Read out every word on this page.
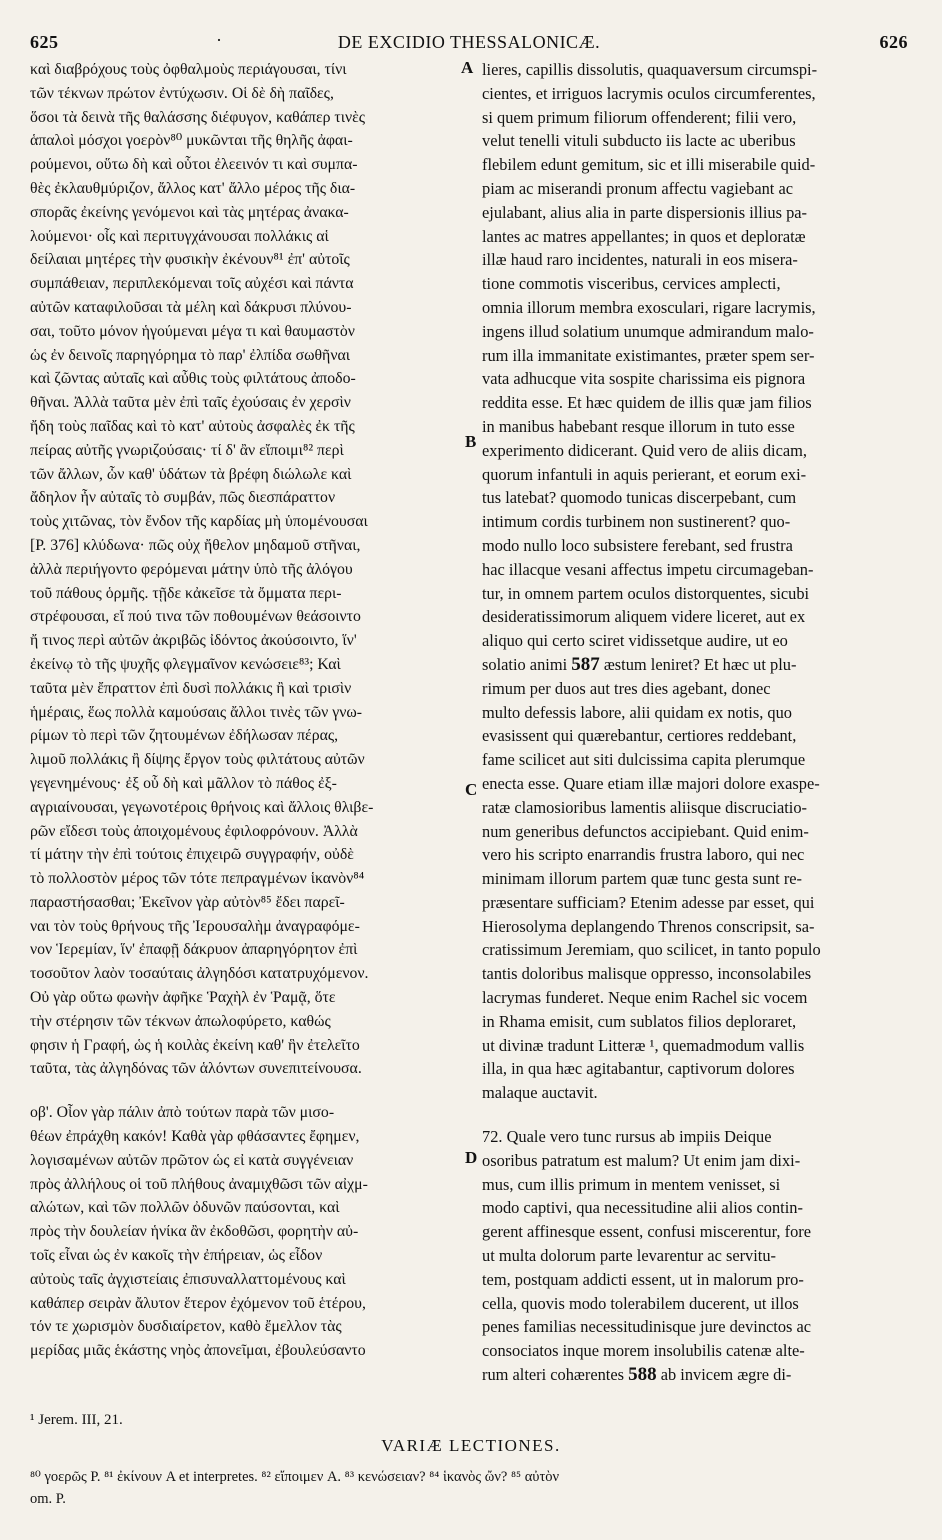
625	·	DE EXCIDIO THESSALONICÆ.	626
καὶ διαβρόχους τοὺς ὀφθαλμοὺς περιάγουσαι, τίνι
τῶν τέκνων πρώτον ἐντύχωσιν. Οἱ δὲ δὴ παῖδες,
ὅσοι τὰ δεινὰ τῆς θαλάσσης διέφυγον, καθάπερ τινὲς
ἁπαλοὶ μόσχοι γοερὸν⁸⁰ μυκῶνται τῆς θηλῆς ἀφαι-
ρούμενοι, οὕτω δὴ καὶ οὗτοι ἐλεεινόν τι καὶ συμπα-
θὲς ἐκλαυθμύριζον, ἄλλος κατ' ἄλλο μέρος τῆς δια-
σπορᾶς ἐκείνης γενόμενοι καὶ τὰς μητέρας ἀνακα-
λούμενοι· οἷς καὶ περιτυγχάνουσαι πολλάκις αἱ
δείλαιαι μητέρες τὴν φυσικὴν ἐκένουν⁸¹ ἐπ' αὐτοῖς
συμπάθειαν, περιπλεκόμεναι τοῖς αὐχέσι καὶ πάντα
αὐτῶν καταφιλοῦσαι τὰ μέλη καὶ δάκρυσι πλύνου-
σαι, τοῦτο μόνον ἡγούμεναι μέγα τι καὶ θαυμαστὸν
ὡς ἐν δεινοῖς παρηγόρημα τὸ παρ' ἐλπίδα σωθῆναι
καὶ ζῶντας αὐταῖς καὶ αὖθις τοὺς φιλτάτους ἀποδο-
θῆναι. Ἀλλὰ ταῦτα μὲν ἐπὶ ταῖς ἐχούσαις ἐν χερσὶν
ἤδη τοὺς παῖδας καὶ τὸ κατ' αὐτοὺς ἀσφαλὲς ἐκ τῆς
πείρας αὐτῆς γνωριζούσαις· τί δ' ἂν εἴποιμι⁸² περὶ
τῶν ἄλλων, ὧν καθ' ὑδάτων τὰ βρέφη διώλωλε καὶ
ἄδηλον ἦν αὐταῖς τὸ συμβάν, πῶς διεσπάραττον
τοὺς χιτῶνας, τὸν ἔνδον τῆς καρδίας μὴ ὑπομένουσαι
[P. 376] κλύδωνα· πῶς οὐχ ἤθελον μηδαμοῦ στῆναι,
ἀλλὰ περιήγοντο φερόμεναι μάτην ὑπὸ τῆς ἀλόγου
τοῦ πάθους ὁρμῆς. τῇδε κἀκεῖσε τὰ ὄμματα περι-
στρέφουσαι, εἴ πού τινα τῶν ποθουμένων θεάσοιντο
ἤ τινος περὶ αὐτῶν ἀκριβῶς ἰδόντος ἀκούσοιντο, ἵν'
ἐκείνῳ τὸ τῆς ψυχῆς φλεγμαῖνον κενώσειε⁸³; Καὶ
ταῦτα μὲν ἔπραττον ἐπὶ δυσὶ πολλάκις ἢ καὶ τρισὶν
ἡμέραις, ἕως πολλὰ καμούσαις ἄλλοι τινὲς τῶν γνω-
ρίμων τὸ περὶ τῶν ζητουμένων ἐδήλωσαν πέρας,
λιμοῦ πολλάκις ἢ δίψης ἔργον τοὺς φιλτάτους αὐτῶν
γεγενημένους· ἐξ οὗ δὴ καὶ μᾶλλον τὸ πάθος ἐξ-
αγριαίνουσαι, γεγωνοτέροις θρήνοις καὶ ἄλλοις θλιβε-
ρῶν εἴδεσι τοὺς ἀποιχομένους ἐφιλοφρόνουν. Ἀλλὰ
τί μάτην τὴν ἐπὶ τούτοις ἐπιχειρῶ συγγραφήν, οὐδὲ
τὸ πολλοστὸν μέρος τῶν τότε πεπραγμένων ἱκανὸν⁸⁴
παραστήσασθαι; Ἐκεῖνον γὰρ αὐτὸν⁸⁵ ἔδει παρεῖ-
ναι τὸν τοὺς θρήνους τῆς Ἰερουσαλὴμ ἀναγραφόμε-
νον Ἱερεμίαν, ἵν' ἐπαφῇ δάκρυον ἀπαρηγόρητον ἐπὶ
τοσοῦτον λαὸν τοσαύταις ἀλγηδόσι κατατρυχόμενον.
Οὐ γὰρ οὕτω φωνὴν ἀφῆκε Ῥαχὴλ ἐν Ῥαμᾷ, ὅτε
τὴν στέρησιν τῶν τέκνων ἀπωλοφύρετο, καθώς
φησιν ἡ Γραφή, ὡς ἡ κοιλὰς ἐκείνη καθ' ἣν ἐτελεῖτο
ταῦτα, τὰς ἀλγηδόνας τῶν ἁλόντων συνεπιτείνουσα.
οβ'. Οἷον γὰρ πάλιν ἀπὸ τούτων παρὰ τῶν μισο-
θέων ἐπράχθη κακόν! Καθὰ γὰρ φθάσαντες ἔφημεν,
λογισαμένων αὐτῶν πρῶτον ὡς εἰ κατὰ συγγένειαν
πρὸς ἀλλήλους οἱ τοῦ πλήθους ἀναμιχθῶσι τῶν αἰχμ-
αλώτων, καὶ τῶν πολλῶν ὀδυνῶν παύσονται, καὶ
πρὸς τὴν δουλείαν ἡνίκα ἂν ἐκδοθῶσι, φορητὴν αὐ-
τοῖς εἶναι ὡς ἐν κακοῖς τὴν ἐπήρειαν, ὡς εἶδον
αὐτοὺς ταῖς ἀγχιστείαις ἐπισυναλλαττομένους καὶ
καθάπερ σειρὰν ἄλυτον ἕτερον ἐχόμενον τοῦ ἑτέρου,
τόν τε χωρισμὸν δυσδιαίρετον, καθὸ ἔμελλον τὰς
μερίδας μιᾶς ἑκάστης νηὸς ἀπονεῖμαι, ἐβουλεύσαντο
A
B
C
D
lieres, capillis dissolutis, quaquaversum circumspi-
cientes, et irriguos lacrymis oculos circumferentes,
si quem primum filiorum offenderent; filii vero,
velut tenelli vituli subducto iis lacte ac uberibus
flebilem edunt gemitum, sic et illi miserabile quid-
piam ac miserandi pronum affectu vagiebant ac
ejulabant, alius alia in parte dispersionis illius pa-
lantes ac matres appellantes; in quos et deploratæ
illæ haud raro incidentes, naturali in eos misera-
tione commotis visceribus, cervices amplecti,
omnia illorum membra exosculari, rigare lacrymis,
ingens illud solatium unumque admirandum malo-
rum illa immanitate existimantes, præter spem ser-
vata adhucque vita sospite charissima eis pignora
reddita esse. Et hæc quidem de illis quæ jam filios
in manibus habebant resque illorum in tuto esse
experimento didicerant. Quid vero de aliis dicam,
quorum infantuli in aquis perierant, et eorum exi-
tus latebat? quomodo tunicas discerpebant, cum
intimum cordis turbinem non sustinerent? quo-
modo nullo loco subsistere ferebant, sed frustra
hac illacque vesani affectus impetu circumageban-
tur, in omnem partem oculos distorquentes, sicubi
desideratissimorum aliquem videre liceret, aut ex
aliquo qui certo sciret vidissetque audire, ut eo
solatio animi 587 æstum leniret? Et hæc ut plu-
rimum per duos aut tres dies agebant, donec
multo defessis labore, alii quidam ex notis, quo
evasissent qui quærebantur, certiores reddebant,
fame scilicet aut siti dulcissima capita plerumque
enecta esse. Quare etiam illæ majori dolore exaspe-
ratæ clamosioribus lamentis aliisque discruciatio-
num generibus defunctos accipiebant. Quid enim-
vero his scripto enarrandis frustra laboro, qui nec
minimam illorum partem quæ tunc gesta sunt re-
præsentare sufficiam? Etenim adesse par esset, qui
Hierosolyma deplangendo Threnos conscripsit, sa-
cratissimum Jeremiam, quo scilicet, in tanto populo
tantis doloribus malisque oppresso, inconsolabiles
lacrymas funderet. Neque enim Rachel sic vocem
in Rhama emisit, cum sublatos filios deploraret,
ut divinæ tradunt Litteræ ¹, quemadmodum vallis
illa, in qua hæc agitabantur, captivorum dolores
malaque auctavit.
72. Quale vero tunc rursus ab impiis Deique
osoribus patratum est malum? Ut enim jam dixi-
mus, cum illis primum in mentem venisset, si
modo captivi, qua necessitudine alii alios contin-
gerent affinesque essent, confusi miscerentur, fore
ut multa dolorum parte levarentur ac servitu-
tem, postquam addicti essent, ut in malorum pro-
cella, quovis modo tolerabilem ducerent, ut illos
penes familias necessitudinisque jure devinctos ac
consociatos inque morem insolubilis catenæ alte-
rum alteri cohærentes 588 ab invicem ægre di-
¹ Jerem. III, 21.
VARIÆ LECTIONES.
⁸⁰ γοερῶς P. ⁸¹ ἐκίνουν A et interpretes. ⁸² εἴποιμεν A. ⁸³ κενώσειαν? ⁸⁴ ἱκανὸς ὤν? ⁸⁵ αὐτὸν
om. P.
